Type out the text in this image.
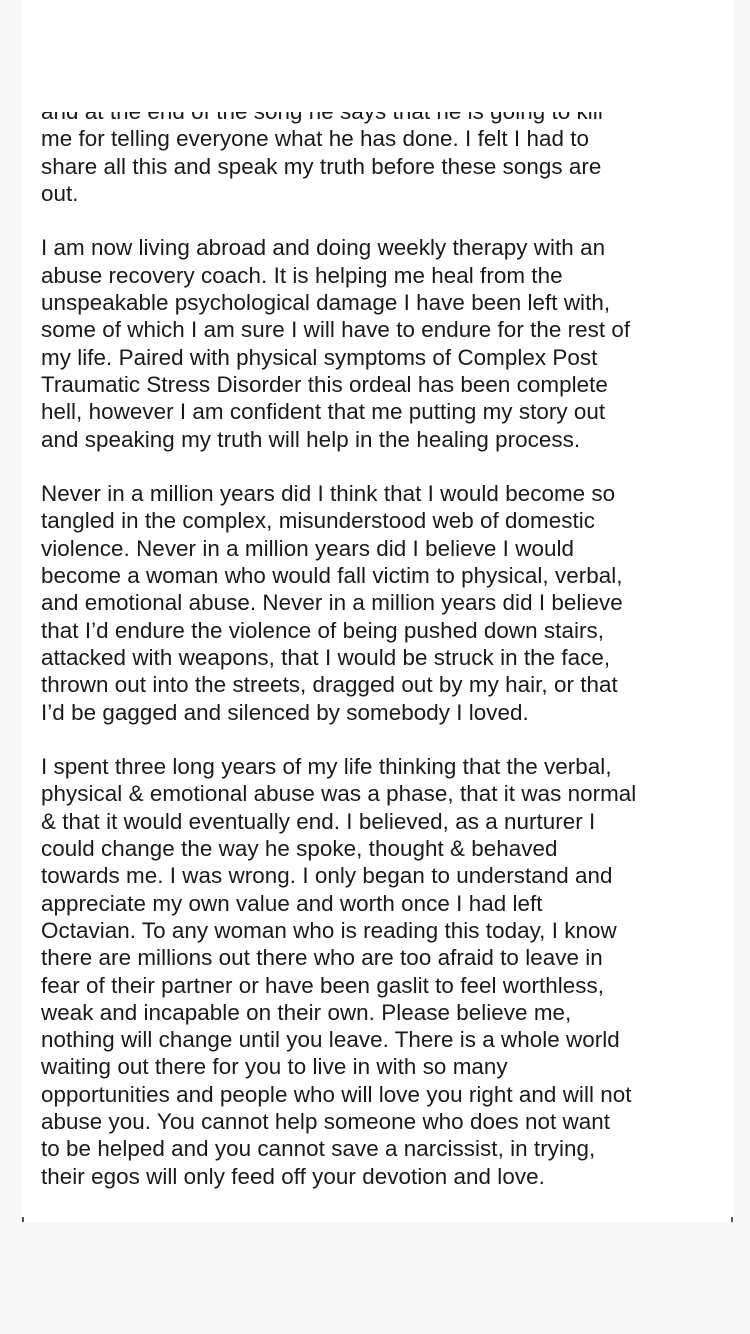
me for telling everyone what he has done. I felt I had to
share all this and speak my truth before these songs are
out.
I am now living abroad and doing weekly therapy with an
abuse recovery coach. It is helping me heal from the
unspeakable psychological damage I have been left with,
some of which I am sure I will have to endure for the rest of
my life. Paired with physical symptoms of Complex Post
Traumatic Stress Disorder this ordeal has been complete
hell, however I am confident that me putting my story out
and speaking my truth will help in the healing process.
Never in a million years did I think that I would become so
tangled in the complex, misunderstood web of domestic
violence. Never in a million years did I believe I would
become a woman who would fall victim to physical, verbal,
and emotional abuse. Never in a million years did I believe
that I’d endure the violence of being pushed down stairs,
attacked with weapons, that I would be struck in the face,
thrown out into the streets, dragged out by my hair, or that
I’d be gagged and silenced by somebody I loved.
I spent three long years of my life thinking that the verbal,
physical & emotional abuse was a phase, that it was normal
& that it would eventually end. I believed, as a nurturer I
could change the way he spoke, thought & behaved
towards me. I was wrong. I only began to understand and
appreciate my own value and worth once I had left
Octavian. To any woman who is reading this today, I know
there are millions out there who are too afraid to leave in
fear of their partner or have been gaslit to feel worthless,
weak and incapable on their own. Please believe me,
nothing will change until you leave. There is a whole world
waiting out there for you to live in with so many
opportunities and people who will love you right and will not
abuse you. You cannot help someone who does not want
to be helped and you cannot save a narcissist, in trying,
their egos will only feed off your devotion and love.
